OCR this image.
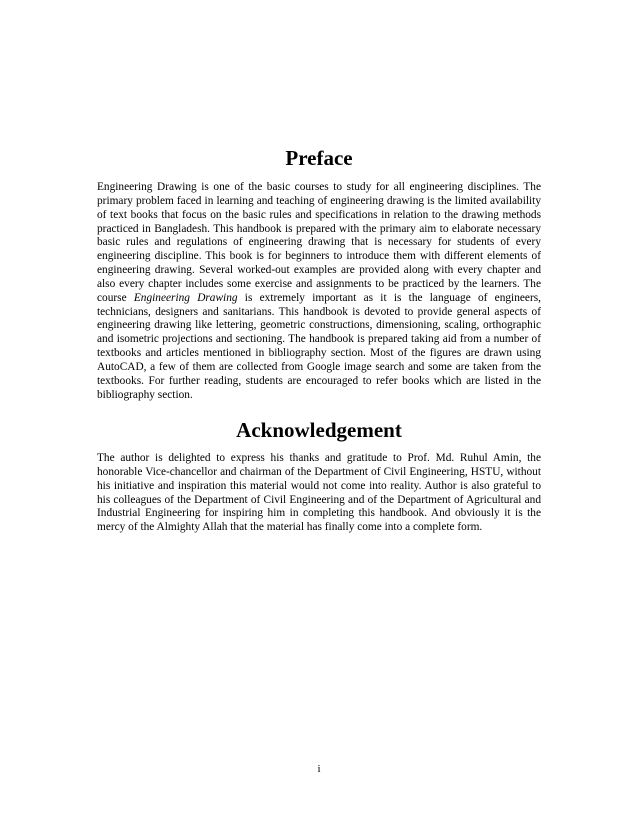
Preface

Engineering Drawing is one of the basic courses to study for all engineering disciplines. The primary problem faced in learning and teaching of engineering drawing is the limited availability of text books that focus on the basic rules and specifications in relation to the drawing methods practiced in Bangladesh. This handbook is prepared with the primary aim to elaborate necessary basic rules and regulations of engineering drawing that is necessary for students of every engineering discipline. This book is for beginners to introduce them with different elements of engineering drawing. Several worked-out examples are provided along with every chapter and also every chapter includes some exercise and assignments to be practiced by the learners. The course Engineering Drawing is extremely important as it is the language of engineers, technicians, designers and sanitarians. This handbook is devoted to provide general aspects of engineering drawing like lettering, geometric constructions, dimensioning, scaling, orthographic and isometric projections and sectioning. The handbook is prepared taking aid from a number of textbooks and articles mentioned in bibliography section. Most of the figures are drawn using AutoCAD, a few of them are collected from Google image search and some are taken from the textbooks. For further reading, students are encouraged to refer books which are listed in the bibliography section.

Acknowledgement

The author is delighted to express his thanks and gratitude to Prof. Md. Ruhul Amin, the honorable Vice-chancellor and chairman of the Department of Civil Engineering, HSTU, without his initiative and inspiration this material would not come into reality. Author is also grateful to his colleagues of the Department of Civil Engineering and of the Department of Agricultural and Industrial Engineering for inspiring him in completing this handbook. And obviously it is the mercy of the Almighty Allah that the material has finally come into a complete form.

i
